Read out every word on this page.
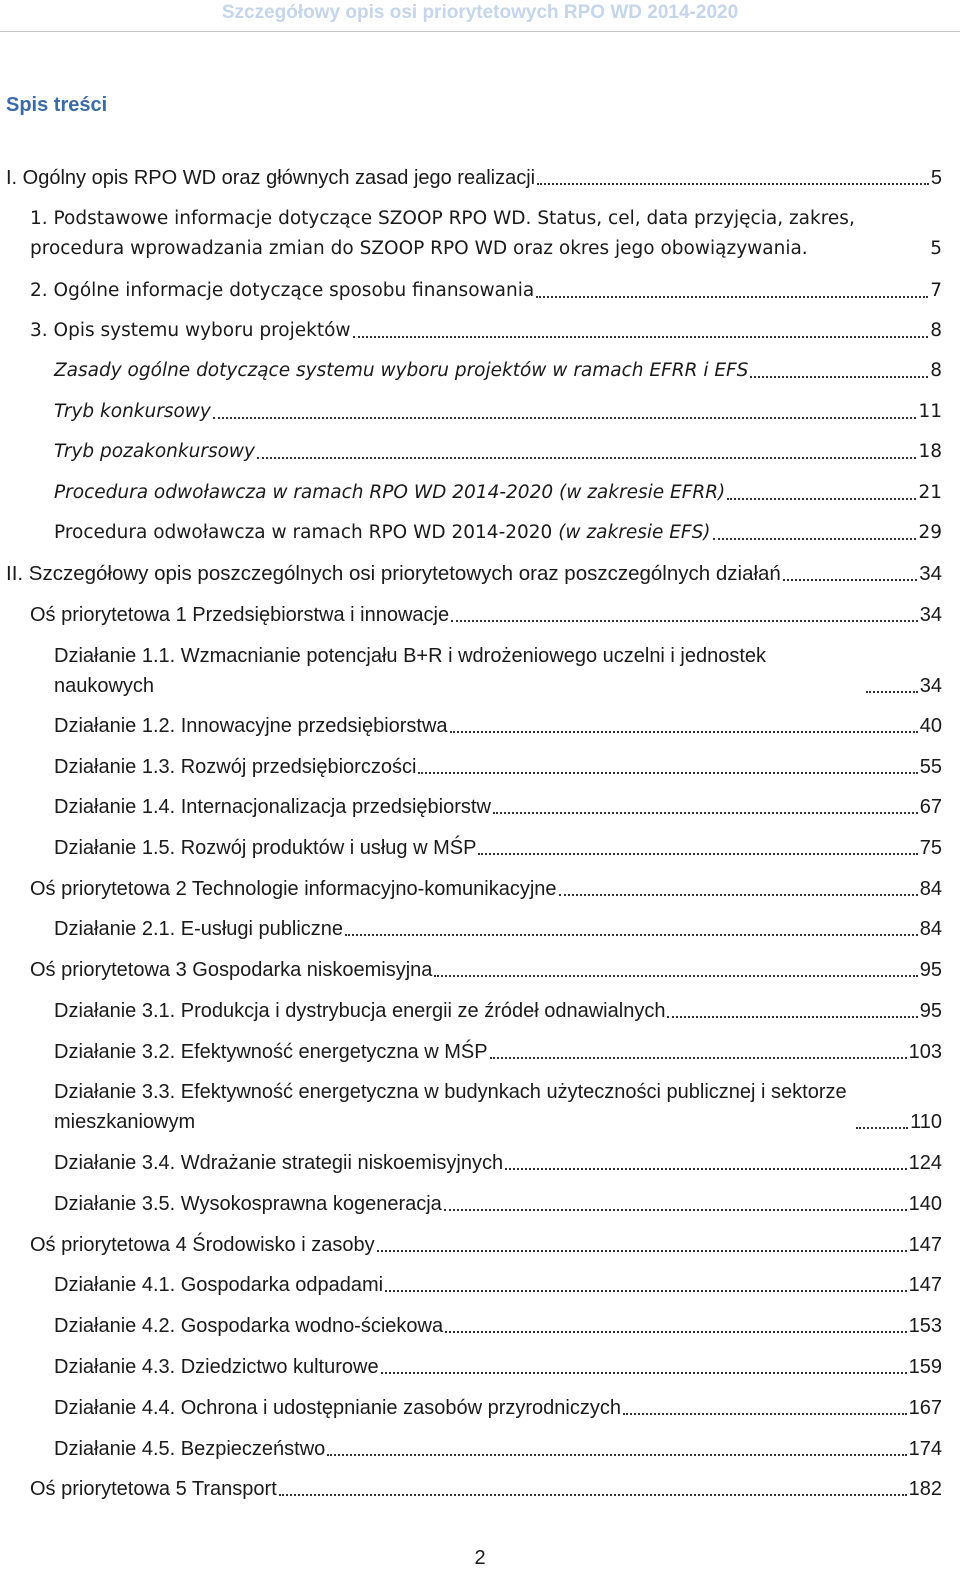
Szczegółowy opis osi priorytetowych RPO WD 2014-2020
Spis treści
I. Ogólny opis RPO WD oraz głównych zasad jego realizacji	5
1. Podstawowe informacje dotyczące SZOOP RPO WD. Status, cel, data przyjęcia, zakres, procedura wprowadzania zmian do SZOOP RPO WD oraz okres jego obowiązywania.	5
2. Ogólne informacje dotyczące sposobu finansowania	7
3. Opis systemu wyboru projektów	8
Zasady ogólne dotyczące systemu wyboru projektów w ramach EFRR i EFS	8
Tryb konkursowy	11
Tryb pozakonkursowy	18
Procedura odwoławcza w ramach RPO WD 2014-2020 (w zakresie EFRR)	21
Procedura odwoławcza w ramach RPO WD 2014-2020 (w zakresie EFS)	29
II. Szczegółowy opis poszczególnych osi priorytetowych oraz poszczególnych działań	34
Oś priorytetowa 1 Przedsiębiorstwa i innowacje	34
Działanie 1.1. Wzmacnianie potencjału B+R i wdrożeniowego uczelni i jednostek naukowych	34
Działanie 1.2. Innowacyjne przedsiębiorstwa	40
Działanie 1.3. Rozwój przedsiębiorczości	55
Działanie 1.4. Internacjonalizacja przedsiębiorstw	67
Działanie 1.5. Rozwój produktów i usług w MŚP	75
Oś priorytetowa 2 Technologie informacyjno-komunikacyjne	84
Działanie 2.1. E-usługi publiczne	84
Oś priorytetowa 3 Gospodarka niskoemisyjna	95
Działanie 3.1. Produkcja i dystrybucja energii ze źródeł odnawialnych	95
Działanie 3.2. Efektywność energetyczna w MŚP	103
Działanie 3.3. Efektywność energetyczna w budynkach użyteczności publicznej i sektorze mieszkaniowym	110
Działanie 3.4. Wdrażanie strategii niskoemisyjnych	124
Działanie 3.5. Wysokosprawna kogeneracja	140
Oś priorytetowa 4 Środowisko i zasoby	147
Działanie 4.1. Gospodarka odpadami	147
Działanie 4.2. Gospodarka wodno-ściekowa	153
Działanie 4.3. Dziedzictwo kulturowe	159
Działanie 4.4. Ochrona i udostępnianie zasobów przyrodniczych	167
Działanie 4.5. Bezpieczeństwo	174
Oś priorytetowa 5 Transport	182
2
